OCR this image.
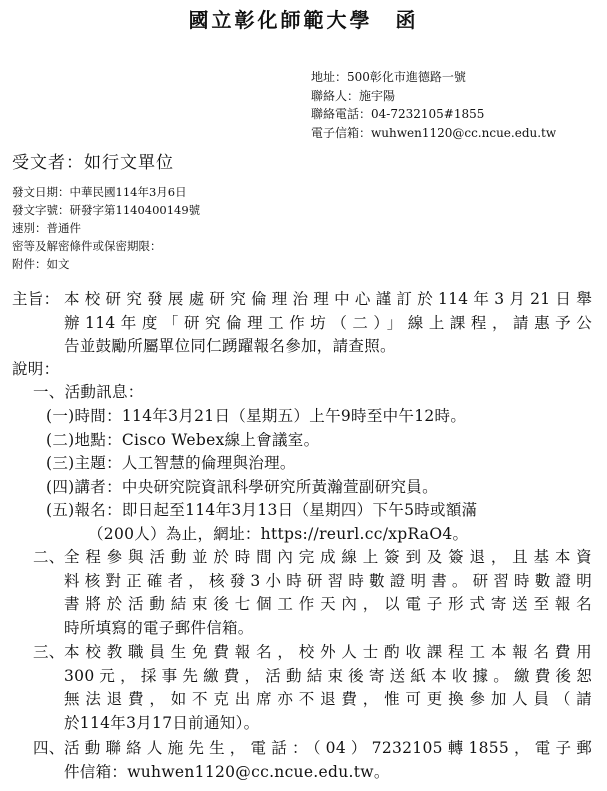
國立彰化師範大學　函
地址：500彰化市進德路一號
聯絡人：施宇陽
聯絡電話：04-7232105#1855
電子信箱：wuhwen1120@cc.ncue.edu.tw
受文者：如行文單位
發文日期：中華民國114年3月6日
發文字號：研發字第1140400149號
速別：普通件
密等及解密條件或保密期限：
附件：如文
主旨： 本校研究發展處研究倫理治理中心謹訂於114年3月21日舉
辦114年度「研究倫理工作坊（二）」線上課程，請惠予公
告並鼓勵所屬單位同仁踴躍報名參加，請查照。
說明：
一、活動訊息：
(一)時間：114年3月21日（星期五）上午9時至中午12時。
(二)地點：Cisco Webex線上會議室。
(三)主題：人工智慧的倫理與治理。
(四)講者：中央研究院資訊科學研究所黃瀚萱副研究員。
(五)報名：即日起至114年3月13日（星期四）下午5時或額滿
（200人）為止，網址：https://reurl.cc/xpRaO4。
二、 全程參與活動並於時間內完成線上簽到及簽退，且基本資
料核對正確者，核發3小時研習時數證明書。研習時數證明
書將於活動結束後七個工作天內，以電子形式寄送至報名
時所填寫的電子郵件信箱。
三、 本校教職員生免費報名，校外人士酌收課程工本報名費用
300元，採事先繳費，活動結束後寄送紙本收據。繳費後恕
無法退費，如不克出席亦不退費，惟可更換參加人員（請
於114年3月17日前通知）。
四、 活動聯絡人施先生，電話：（04）7232105轉1855，電子郵
件信箱：wuhwen1120@cc.ncue.edu.tw。
